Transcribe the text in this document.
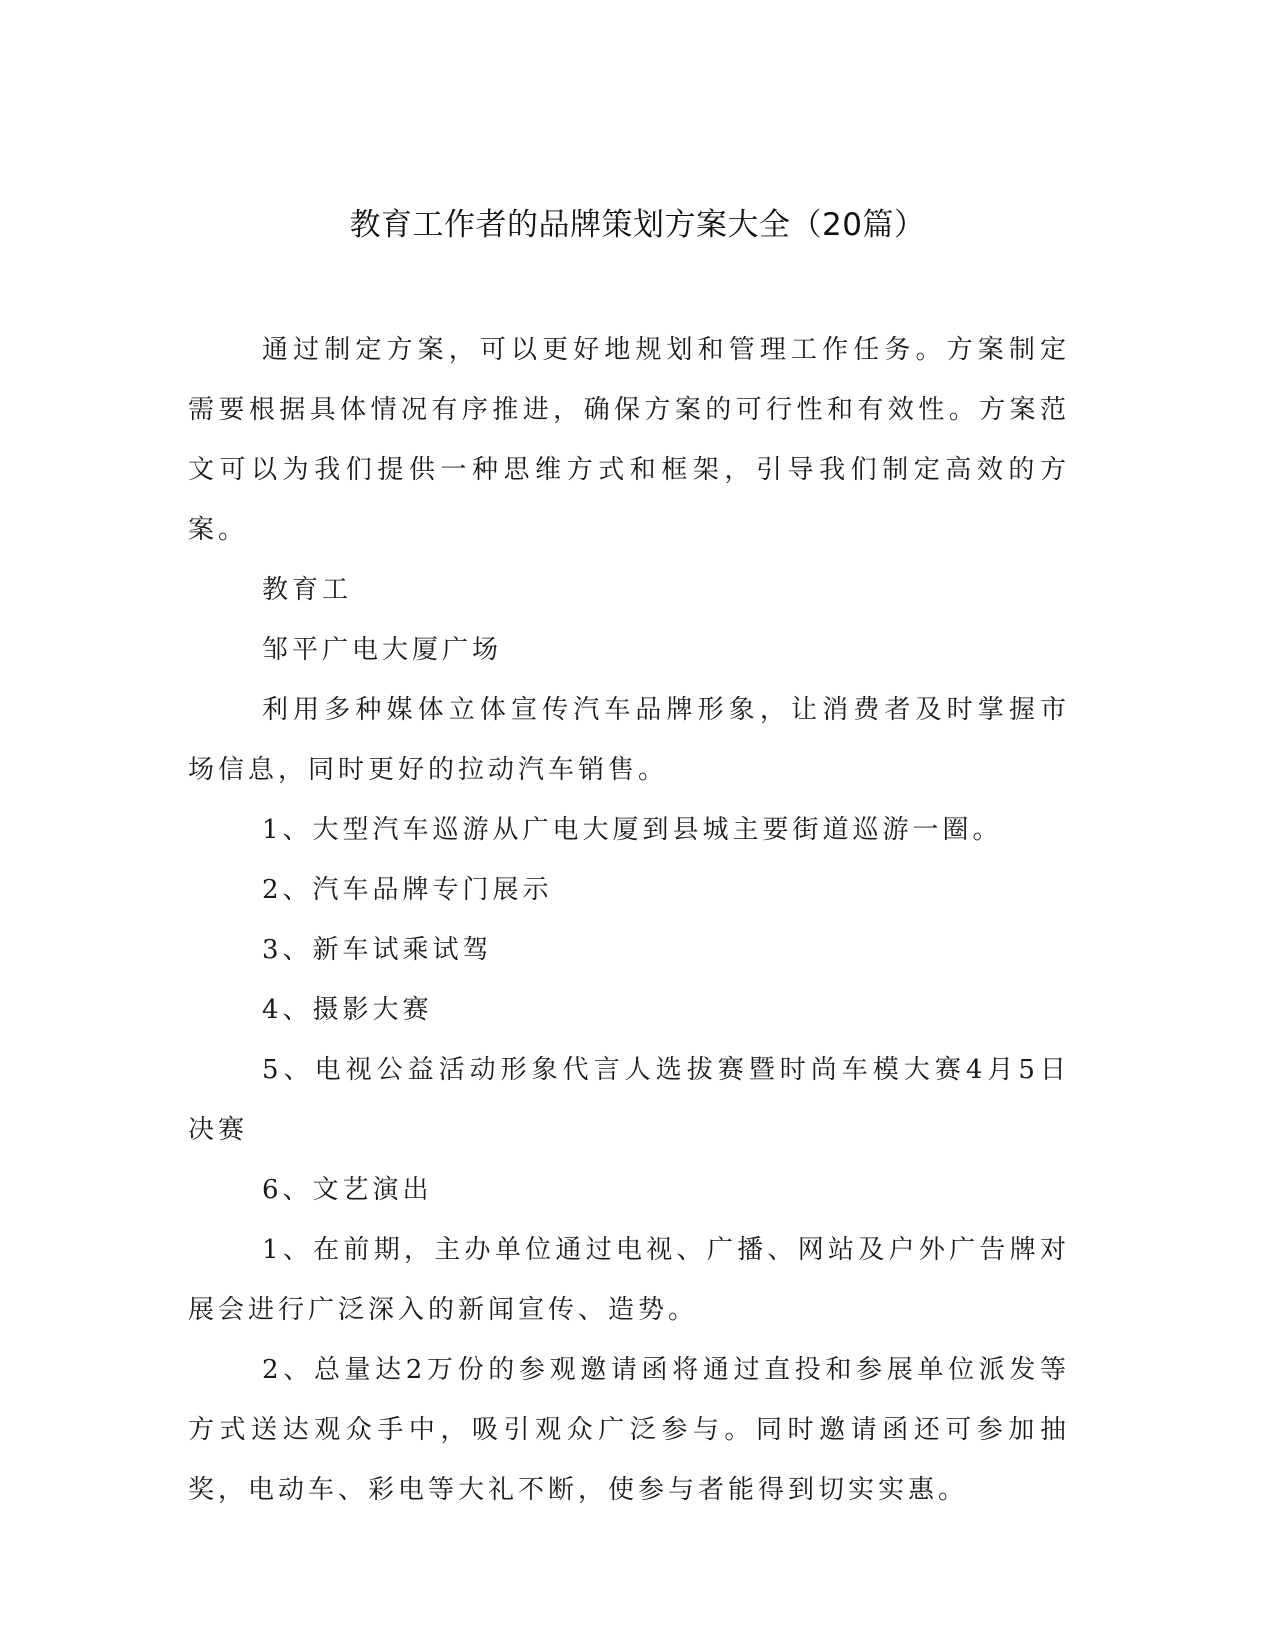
教育工作者的品牌策划方案大全（20篇）

通过制定方案，可以更好地规划和管理工作任务。方案制定需要根据具体情况有序推进，确保方案的可行性和有效性。方案范文可以为我们提供一种思维方式和框架，引导我们制定高效的方案。

教育工

邹平广电大厦广场

利用多种媒体立体宣传汽车品牌形象，让消费者及时掌握市场信息，同时更好的拉动汽车销售。

1、大型汽车巡游从广电大厦到县城主要街道巡游一圈。

2、汽车品牌专门展示

3、新车试乘试驾

4、摄影大赛

5、电视公益活动形象代言人选拔赛暨时尚车模大赛4月5日决赛

6、文艺演出

1、在前期，主办单位通过电视、广播、网站及户外广告牌对展会进行广泛深入的新闻宣传、造势。

2、总量达2万份的参观邀请函将通过直投和参展单位派发等方式送达观众手中，吸引观众广泛参与。同时邀请函还可参加抽奖，电动车、彩电等大礼不断，使参与者能得到切实实惠。
